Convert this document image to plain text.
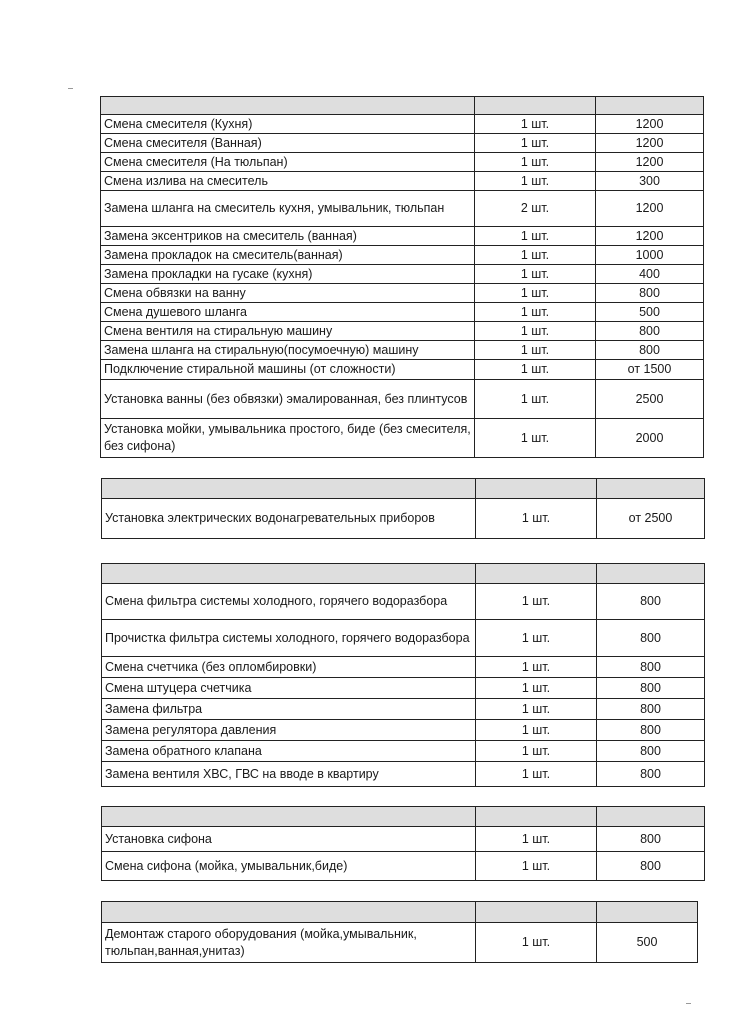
Смена смесителя (Кухня)	1 шт.	1200
Смена смесителя (Ванная)	1 шт.	1200
Смена смесителя (На тюльпан)	1 шт.	1200
Смена излива на смеситель	1 шт.	300
Замена шланга на смеситель кухня, умывальник, тюльпан	2 шт.	1200
Замена эксентриков на смеситель (ванная)	1 шт.	1200
Замена прокладок на смеситель(ванная)	1 шт.	1000
Замена прокладки на гусаке (кухня)	1 шт.	400
Смена обвязки на ванну	1 шт.	800
Смена душевого шланга	1 шт.	500
Смена вентиля на стиральную машину	1 шт.	800
Замена шланга на стиральную(посумоечную) машину	1 шт.	800
Подключение стиральной машины (от сложности)	1 шт.	от 1500
Установка ванны (без обвязки) эмалированная, без плинтусов	1 шт.	2500
Установка мойки, умывальника простого, биде (без смесителя, без сифона)	1 шт.	2000

Установка электрических водонагревательных приборов	1 шт.	от 2500

Смена фильтра системы холодного, горячего водоразбора	1 шт.	800
Прочистка фильтра системы холодного, горячего водоразбора	1 шт.	800
Смена счетчика (без опломбировки)	1 шт.	800
Смена штуцера счетчика	1 шт.	800
Замена фильтра	1 шт.	800
Замена регулятора давления	1 шт.	800
Замена обратного клапана	1 шт.	800
Замена вентиля ХВС, ГВС на вводе в квартиру	1 шт.	800

Установка сифона	1 шт.	800
Смена сифона (мойка, умывальник,биде)	1 шт.	800

Демонтаж старого оборудования (мойка,умывальник, тюльпан,ванная,унитаз)	1 шт.	500
